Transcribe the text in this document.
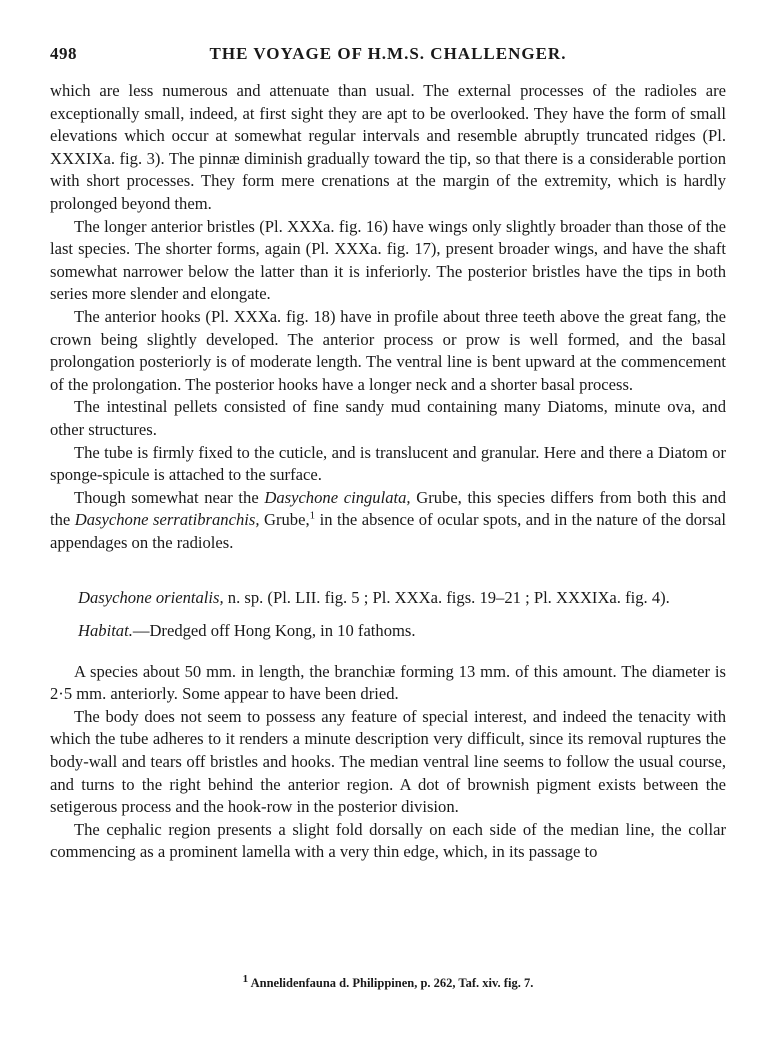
498	THE VOYAGE OF H.M.S. CHALLENGER.

which are less numerous and attenuate than usual. The external processes of the radioles are exceptionally small, indeed, at first sight they are apt to be overlooked. They have the form of small elevations which occur at somewhat regular intervals and resemble abruptly truncated ridges (Pl. XXXIXa. fig. 3). The pinnæ diminish gradually toward the tip, so that there is a considerable portion with short processes. They form mere crenations at the margin of the extremity, which is hardly prolonged beyond them.

The longer anterior bristles (Pl. XXXa. fig. 16) have wings only slightly broader than those of the last species. The shorter forms, again (Pl. XXXa. fig. 17), present broader wings, and have the shaft somewhat narrower below the latter than it is inferiorly. The posterior bristles have the tips in both series more slender and elongate.

The anterior hooks (Pl. XXXa. fig. 18) have in profile about three teeth above the great fang, the crown being slightly developed. The anterior process or prow is well formed, and the basal prolongation posteriorly is of moderate length. The ventral line is bent upward at the commencement of the prolongation. The posterior hooks have a longer neck and a shorter basal process.

The intestinal pellets consisted of fine sandy mud containing many Diatoms, minute ova, and other structures.

The tube is firmly fixed to the cuticle, and is translucent and granular. Here and there a Diatom or sponge-spicule is attached to the surface.

Though somewhat near the Dasychone cingulata, Grube, this species differs from both this and the Dasychone serratibranchis, Grube,$^1$ in the absence of ocular spots, and in the nature of the dorsal appendages on the radioles.

Dasychone orientalis, n. sp. (Pl. LII. fig. 5 ; Pl. XXXa. figs. 19–21 ; Pl. XXXIXa. fig. 4).

Habitat.—Dredged off Hong Kong, in 10 fathoms.

A species about 50 mm. in length, the branchiæ forming 13 mm. of this amount. The diameter is 2·5 mm. anteriorly. Some appear to have been dried.

The body does not seem to possess any feature of special interest, and indeed the tenacity with which the tube adheres to it renders a minute description very difficult, since its removal ruptures the body-wall and tears off bristles and hooks. The median ventral line seems to follow the usual course, and turns to the right behind the anterior region. A dot of brownish pigment exists between the setigerous process and the hook-row in the posterior division.

The cephalic region presents a slight fold dorsally on each side of the median line, the collar commencing as a prominent lamella with a very thin edge, which, in its passage to

$^1$ Annelidenfauna d. Philippinen, p. 262, Taf. xiv. fig. 7.
